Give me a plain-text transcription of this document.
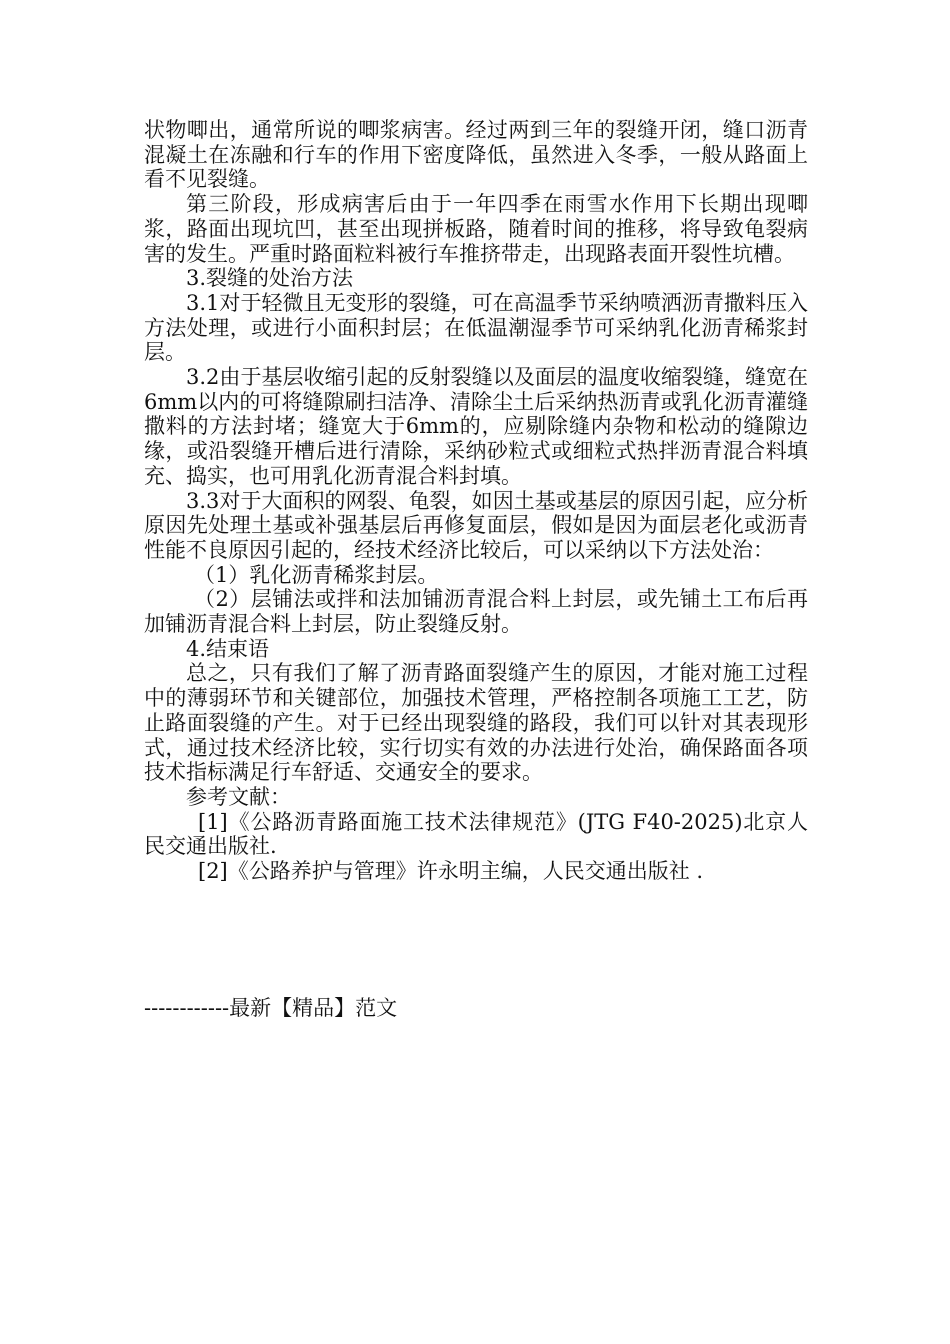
状物唧出，通常所说的唧浆病害。经过两到三年的裂缝开闭，缝口沥青混凝土在冻融和行车的作用下密度降低，虽然进入冬季，一般从路面上看不见裂缝。

第三阶段，形成病害后由于一年四季在雨雪水作用下长期出现唧浆，路面出现坑凹，甚至出现拼板路，随着时间的推移，将导致龟裂病害的发生。严重时路面粒料被行车推挤带走，出现路表面开裂性坑槽。

3.裂缝的处治方法

3.1对于轻微且无变形的裂缝，可在高温季节采纳喷洒沥青撒料压入方法处理，或进行小面积封层；在低温潮湿季节可采纳乳化沥青稀浆封层。

3.2由于基层收缩引起的反射裂缝以及面层的温度收缩裂缝，缝宽在6mm以内的可将缝隙刷扫洁净、清除尘土后采纳热沥青或乳化沥青灌缝撒料的方法封堵；缝宽大于6mm的，应剔除缝内杂物和松动的缝隙边缘，或沿裂缝开槽后进行清除，采纳砂粒式或细粒式热拌沥青混合料填充、捣实，也可用乳化沥青混合料封填。

3.3对于大面积的网裂、龟裂，如因土基或基层的原因引起，应分析原因先处理土基或补强基层后再修复面层，假如是因为面层老化或沥青性能不良原因引起的，经技术经济比较后，可以采纳以下方法处治：

（1）乳化沥青稀浆封层。

（2）层铺法或拌和法加铺沥青混合料上封层，或先铺土工布后再加铺沥青混合料上封层，防止裂缝反射。

4.结束语

总之，只有我们了解了沥青路面裂缝产生的原因，才能对施工过程中的薄弱环节和关键部位，加强技术管理，严格控制各项施工工艺，防止路面裂缝的产生。对于已经出现裂缝的路段，我们可以针对其表现形式，通过技术经济比较，实行切实有效的办法进行处治，确保路面各项技术指标满足行车舒适、交通安全的要求。

参考文献：

[1]《公路沥青路面施工技术法律规范》(JTG F40-2025)北京人民交通出版社.

[2]《公路养护与管理》许永明主编，人民交通出版社 .

------------最新【精品】范文
